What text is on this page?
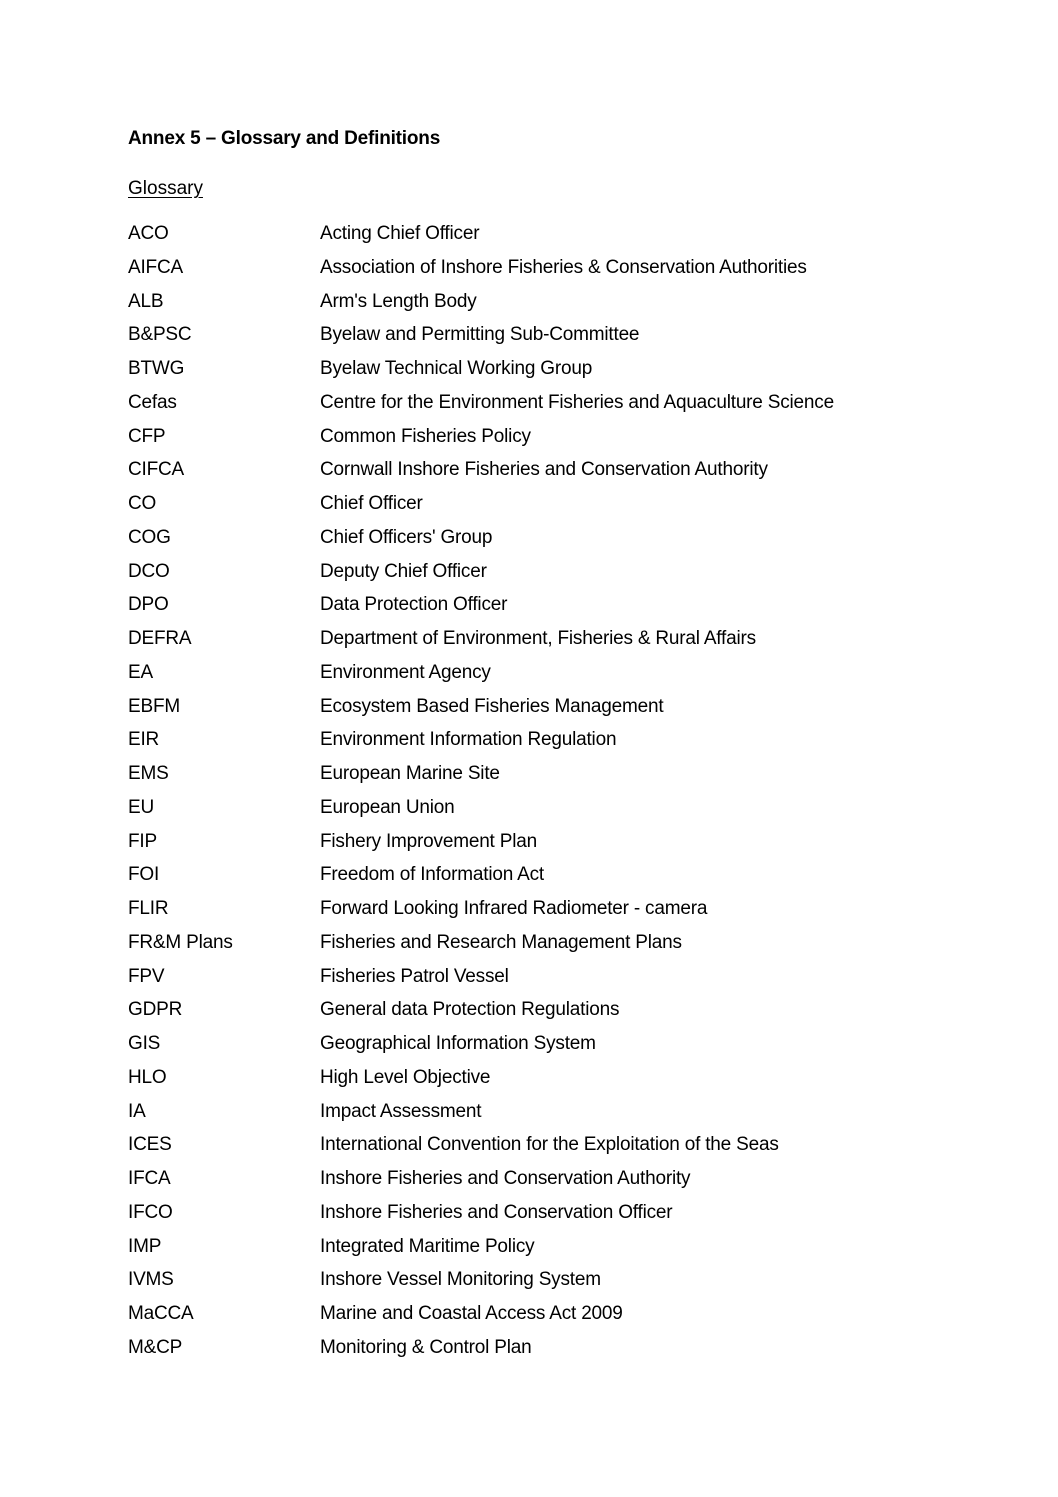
Annex 5 – Glossary and Definitions
Glossary
ACO	Acting Chief Officer
AIFCA	Association of Inshore Fisheries & Conservation Authorities
ALB	Arm's Length Body
B&PSC	Byelaw and Permitting Sub-Committee
BTWG	Byelaw Technical Working Group
Cefas	Centre for the Environment Fisheries and Aquaculture Science
CFP	Common Fisheries Policy
CIFCA	Cornwall Inshore Fisheries and Conservation Authority
CO	Chief Officer
COG	Chief Officers' Group
DCO	Deputy Chief Officer
DPO	Data Protection Officer
DEFRA	Department of Environment, Fisheries & Rural Affairs
EA	Environment Agency
EBFM	Ecosystem Based Fisheries Management
EIR	Environment Information Regulation
EMS	European Marine Site
EU	European Union
FIP	Fishery Improvement Plan
FOI	Freedom of Information Act
FLIR	Forward Looking Infrared Radiometer - camera
FR&M Plans	Fisheries and Research Management Plans
FPV	Fisheries Patrol Vessel
GDPR	General data Protection Regulations
GIS	Geographical Information System
HLO	High Level Objective
IA	Impact Assessment
ICES	International Convention for the Exploitation of the Seas
IFCA	Inshore Fisheries and Conservation Authority
IFCO	Inshore Fisheries and Conservation Officer
IMP	Integrated Maritime Policy
IVMS	Inshore Vessel Monitoring System
MaCCA	Marine and Coastal Access Act 2009
M&CP	Monitoring & Control Plan
